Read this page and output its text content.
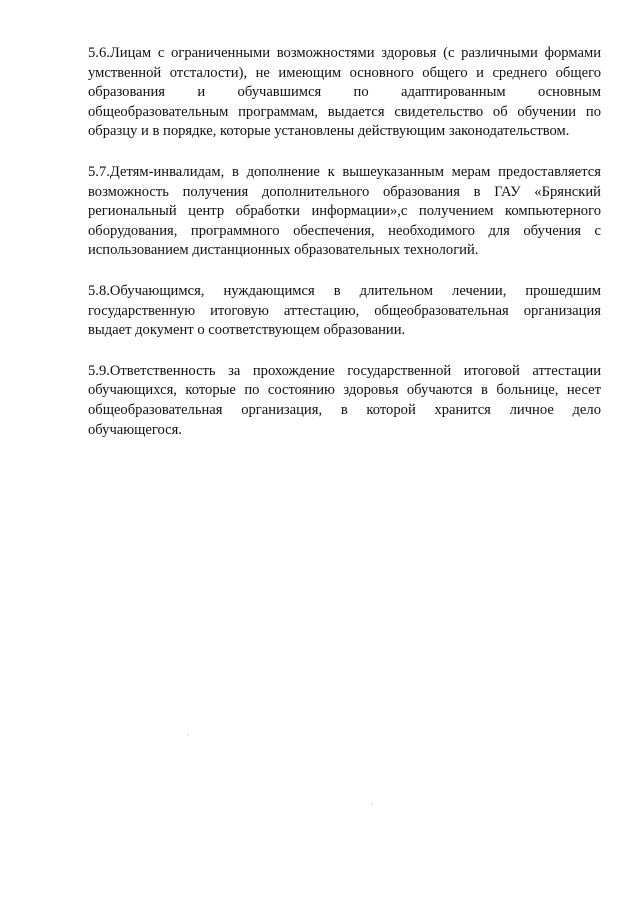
5.6.Лицам с ограниченными возможностями здоровья (с различными формами умственной отсталости), не имеющим основного общего и среднего общего образования и обучавшимся по адаптированным основным общеобразовательным программам, выдается свидетельство об обучении по образцу и в порядке, которые установлены действующим законодательством.

5.7.Детям-инвалидам, в дополнение к вышеуказанным мерам предоставляется возможность получения дополнительного образования в ГАУ «Брянский региональный центр обработки информации»,с получением компьютерного оборудования, программного обеспечения, необходимого для обучения с использованием дистанционных образовательных технологий.

5.8.Обучающимся, нуждающимся в длительном лечении, прошедшим государственную итоговую аттестацию, общеобразовательная организация выдает документ о соответствующем образовании.

5.9.Ответственность за прохождение государственной итоговой аттестации обучающихся, которые по состоянию здоровья обучаются в больнице, несет общеобразовательная организация, в которой хранится личное дело обучающегося.
